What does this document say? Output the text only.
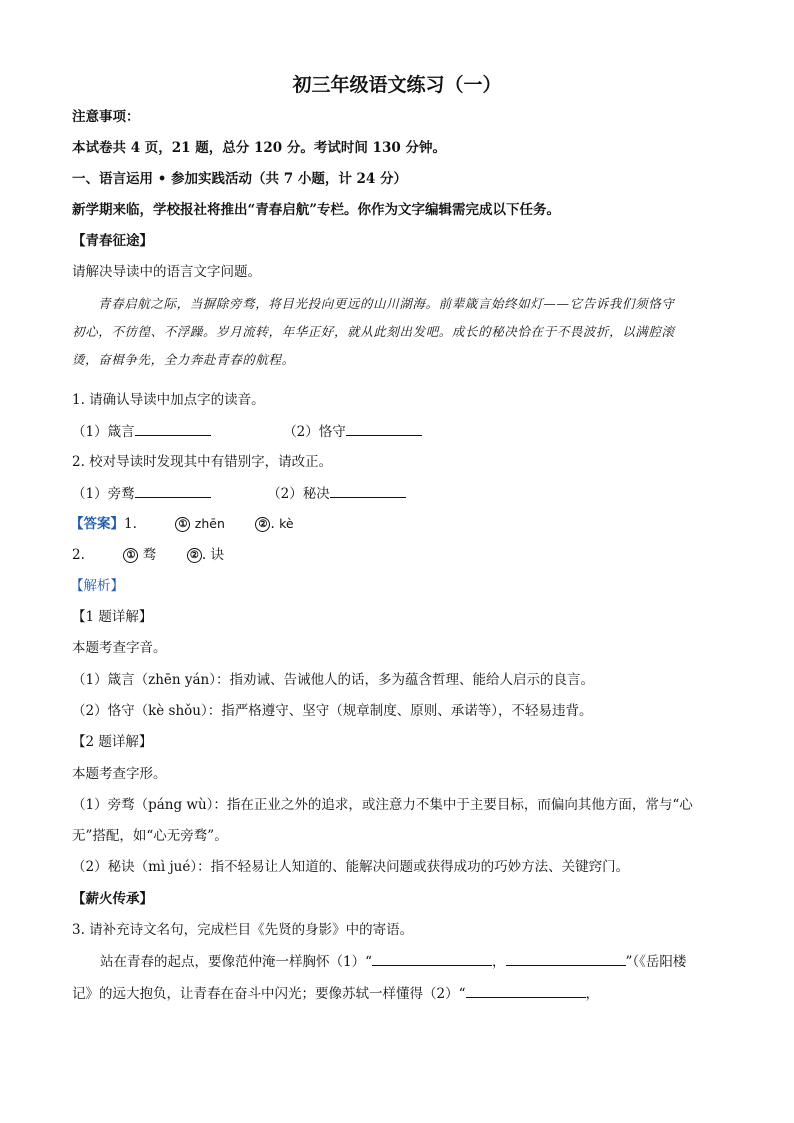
初三年级语文练习（一）
注意事项：
本试卷共 4 页，21 题，总分 120 分。考试时间 130 分钟。
一、语言运用 • 参加实践活动（共 7 小题，计 24 分）
新学期来临，学校报社将推出“青春启航”专栏。你作为文字编辑需完成以下任务。
【青春征途】
请解决导读中的语言文字问题。
青春启航之际，当摒除旁骛，将目光投向更远的山川湖海。前辈箴言始终如灯——它告诉我们须恪守
初心，不彷徨、不浮躁。岁月流转，年华正好，就从此刻出发吧。成长的秘决恰在于不畏波折，以满腔滚
烫，奋楫争先，全力奔赴青春的航程。
1. 请确认导读中加点字的读音。
（1）箴言	（2）恪守
2. 校对导读时发现其中有错别字，请改正。
（1）旁鹜	（2）秘决
【答案】1.	① zhēn	② . kè
2.	① 骛	② . 诀
【解析】
【1 题详解】
本题考查字音。
（1）箴言（zhēn yán）：指劝诫、告诫他人的话，多为蕴含哲理、能给人启示的良言。
（2）恪守（kè shǒu）：指严格遵守、坚守（规章制度、原则、承诺等），不轻易违背。
【2 题详解】
本题考查字形。
（1）旁骛（páng wù）：指在正业之外的追求，或注意力不集中于主要目标，而偏向其他方面，常与“心
无”搭配，如“心无旁骛”。
（2）秘诀（mì jué）：指不轻易让人知道的、能解决问题或获得成功的巧妙方法、关键窍门。
【薪火传承】
3. 请补充诗文名句，完成栏目《先贤的身影》中的寄语。
站在青春的起点，要像范仲淹一样胸怀（1）“	，	”（《岳阳楼
记》的远大抱负，让青春在奋斗中闪光；要像苏轼一样懂得（2）“	，
